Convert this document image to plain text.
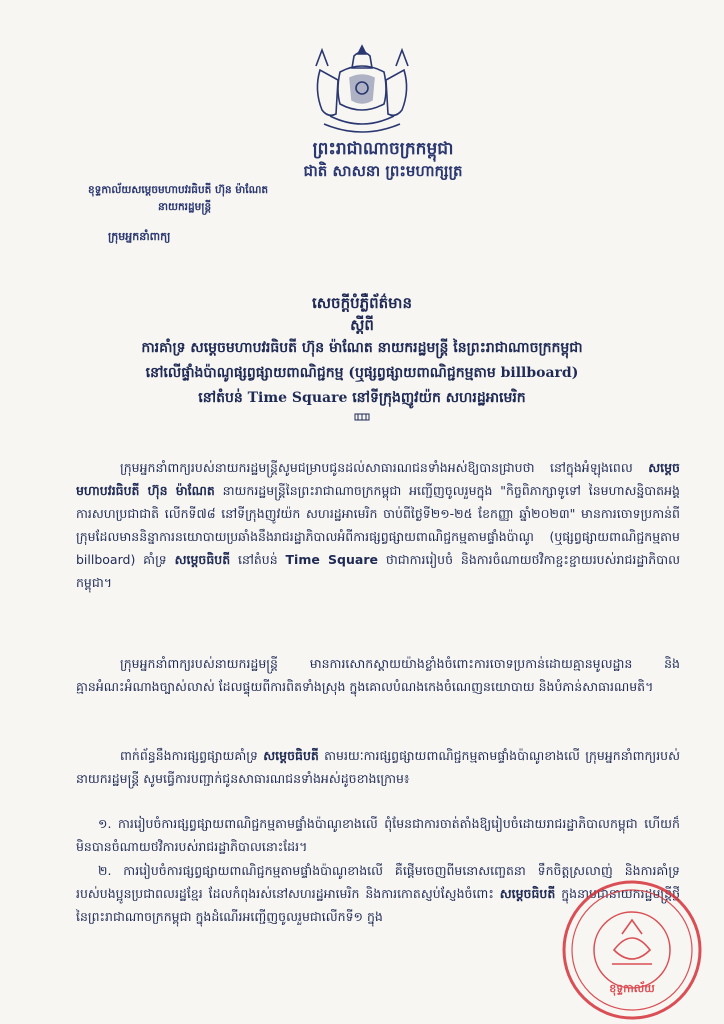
ព្រះរាជាណាចក្រកម្ពុជា
ជាតិ សាសនា ព្រះមហាក្សត្រ
ខុទ្ទកាល័យសម្ដេចមហាបវរធិបតី ហ៊ុន ម៉ាណែត
នាយករដ្ឋមន្ត្រី
ក្រុមអ្នកនាំពាក្យ
សេចក្ដីបំភ្លឺព័ត៌មាន
ស្ដីពី
ការគាំទ្រ សម្ដេចមហាបវរធិបតី ហ៊ុន ម៉ាណែត នាយករដ្ឋមន្ត្រី នៃព្រះរាជាណាចក្រកម្ពុជា
នៅលើផ្ទាំងប៉ាណូផ្សព្វផ្សាយពាណិជ្ជកម្ម (ឬផ្សព្វផ្សាយពាណិជ្ជកម្មតាម billboard)
នៅតំបន់ Time Square នៅទីក្រុងញូវយ៉ក សហរដ្ឋអាមេរិក

ក្រុមអ្នកនាំពាក្យរបស់នាយករដ្ឋមន្ត្រីសូមជម្រាបជូនដល់សាធារណជនទាំងអស់ឱ្យបានជ្រាបថា នៅក្នុងអំឡុងពេល សម្ដេចមហាបវរធិបតី ហ៊ុន ម៉ាណែត នាយករដ្ឋមន្ត្រីនៃព្រះរាជាណាចក្រកម្ពុជា អញ្ជើញចូលរួមក្នុង "កិច្ចពិភាក្សាទូទៅ នៃមហាសន្និបាតអង្គការសហប្រជាជាតិ លើកទី៧៨ នៅទីក្រុងញូវយ៉ក សហរដ្ឋអាមេរិក ចាប់ពីថ្ងៃទី២១-២៥ ខែកញ្ញា ឆ្នាំ២០២៣" មានការចោទប្រកាន់ពីក្រុមដែលមាននិន្នាការនយោបាយប្រឆាំងនឹងរាជរដ្ឋាភិបាលអំពីការផ្សព្វផ្សាយពាណិជ្ជកម្មតាមផ្ទាំងប៉ាណូ (ឬផ្សព្វផ្សាយពាណិជ្ជកម្មតាម billboard) គាំទ្រ សម្ដេចធិបតី នៅតំបន់ Time Square ថាជាការរៀបចំ និងការចំណាយថវិកាខ្ជះខ្ជាយរបស់រាជរដ្ឋាភិបាលកម្ពុជា។

ក្រុមអ្នកនាំពាក្យរបស់នាយករដ្ឋមន្ត្រី មានការសោកស្ដាយយ៉ាងខ្លាំងចំពោះការចោទប្រកាន់ដោយគ្មានមូលដ្ឋាន និងគ្មានអំណះអំណាងច្បាស់លាស់ ដែលផ្ទុយពីការពិតទាំងស្រុង ក្នុងគោលបំណងកេងចំណេញនយោបាយ និងបំភាន់សាធារណមតិ។

ពាក់ព័ន្ធនឹងការផ្សព្វផ្សាយគាំទ្រ សម្ដេចធិបតី តាមរយៈការផ្សព្វផ្សាយពាណិជ្ជកម្មតាមផ្ទាំងប៉ាណូខាងលើ ក្រុមអ្នកនាំពាក្យរបស់នាយករដ្ឋមន្ត្រី សូមធ្វើការបញ្ជាក់ជូនសាធារណជនទាំងអស់ដូចខាងក្រោម៖

១. ការរៀបចំការផ្សព្វផ្សាយពាណិជ្ជកម្មតាមផ្ទាំងប៉ាណូខាងលើ ពុំមែនជាការចាត់តាំងឱ្យរៀបចំដោយរាជរដ្ឋាភិបាលកម្ពុជា ហើយក៏មិនបានចំណាយថវិការបស់រាជរដ្ឋាភិបាលនោះដែរ។

២. ការរៀបចំការផ្សព្វផ្សាយពាណិជ្ជកម្មតាមផ្ទាំងប៉ាណូខាងលើ គឺផ្ដើមចេញពីមនោសញ្ចេតនា ទឹកចិត្តស្រលាញ់ និងការគាំទ្រ របស់បងប្អូនប្រជាពលរដ្ឋខ្មែរ ដែលកំពុងរស់នៅសហរដ្ឋអាមេរិក និងការកោតស្ញប់ស្ញែងចំពោះ សម្ដេចធិបតី ក្នុងនាមជានាយករដ្ឋមន្ត្រីថ្មីនៃព្រះរាជាណាចក្រកម្ពុជា ក្នុងដំណើរអញ្ជើញចូលរួមជាលើកទី១ ក្នុង

ខុទ្ទកាល័យ
